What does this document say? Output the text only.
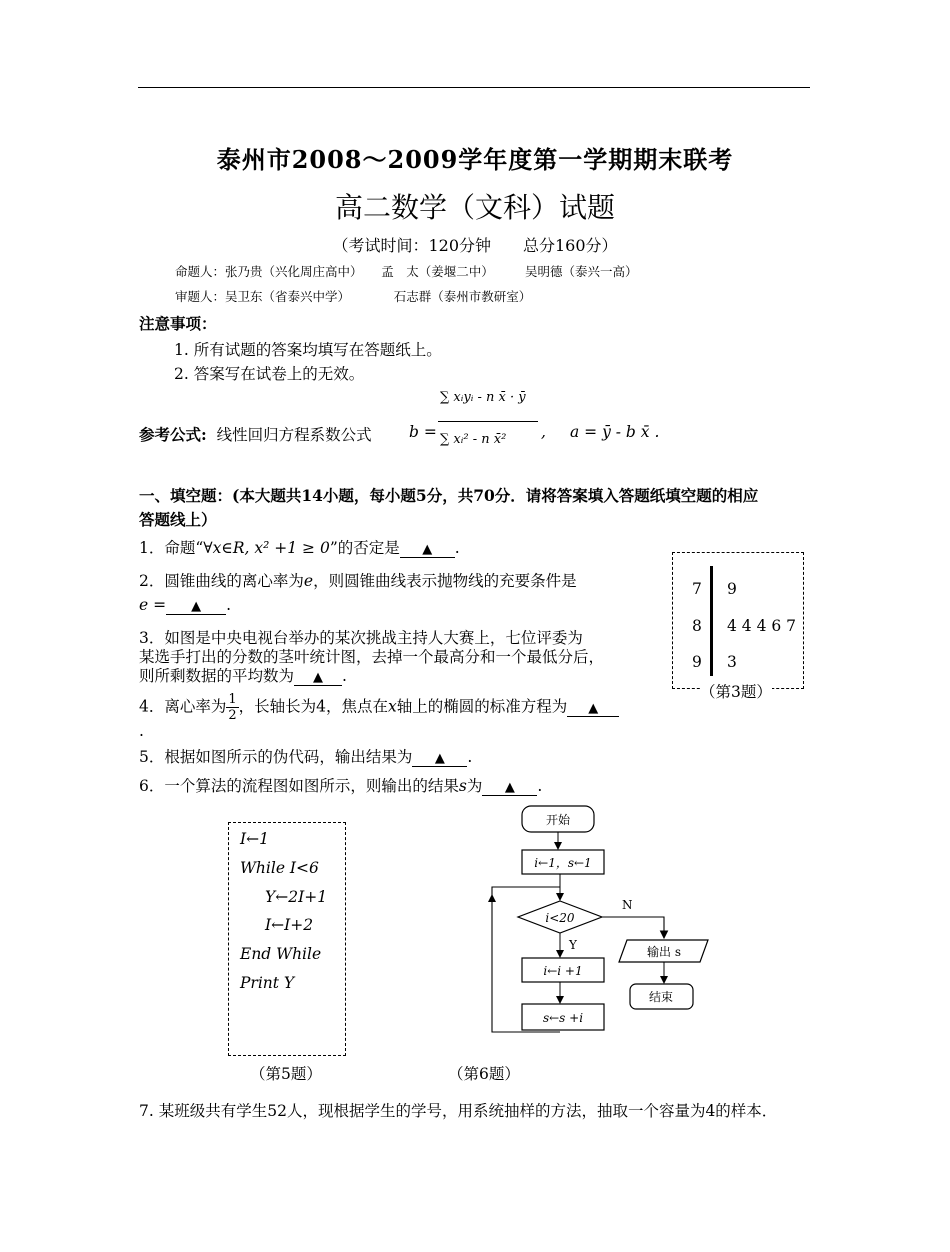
泰州市2008～2009学年度第一学期期末联考
高二数学（文科）试题
（考试时间：120分钟　　总分160分）
命题人：张乃贵（兴化周庄高中）　　孟　太（姜堰二中）　　　吴明德（泰兴一高）
审题人：吴卫东（省泰兴中学）　　　　石志群（泰州市教研室）
注意事项：
1. 所有试题的答案均填写在答题纸上。
2. 答案写在试卷上的无效。
参考公式: 线性回归方程系数公式 b =
∑ xᵢyᵢ - n x̄ · ȳ
∑ xᵢ² - n x̄²	, a = ȳ - b x̄ .
一、填空题：(本大题共14小题，每小题5分，共70分．请将答案填入答题纸填空题的相应
答题线上）
1．命题“∀x∈R, x² +1 ≥ 0”的否定是 ▲ .
2．圆锥曲线的离心率为e，则圆锥曲线表示抛物线的充要条件是
e = ▲ .
3．如图是中央电视台举办的某次挑战主持人大赛上，七位评委为
某选手打出的分数的茎叶统计图，去掉一个最高分和一个最低分后，
则所剩数据的平均数为 ▲ .
7
8
9
9
4 4 4 6 7
3
（第3题）
4．离心率为 $\frac{1}{2}$ ，长轴长为4，焦点在x轴上的椭圆的标准方程为 ▲
.
5．根据如图所示的伪代码，输出结果为 ▲ .
6．一个算法的流程图如图所示，则输出的结果s为 ▲ .
I←1
While I<6
Y←2I+1
I←I+2
End While
Print Y
（第5题）
开始
i←1，s←1
i<20
N
Y
i←i +1
s←s +i
输出 s
结束
（第6题）
7. 某班级共有学生52人，现根据学生的学号，用系统抽样的方法，抽取一个容量为4的样本．
